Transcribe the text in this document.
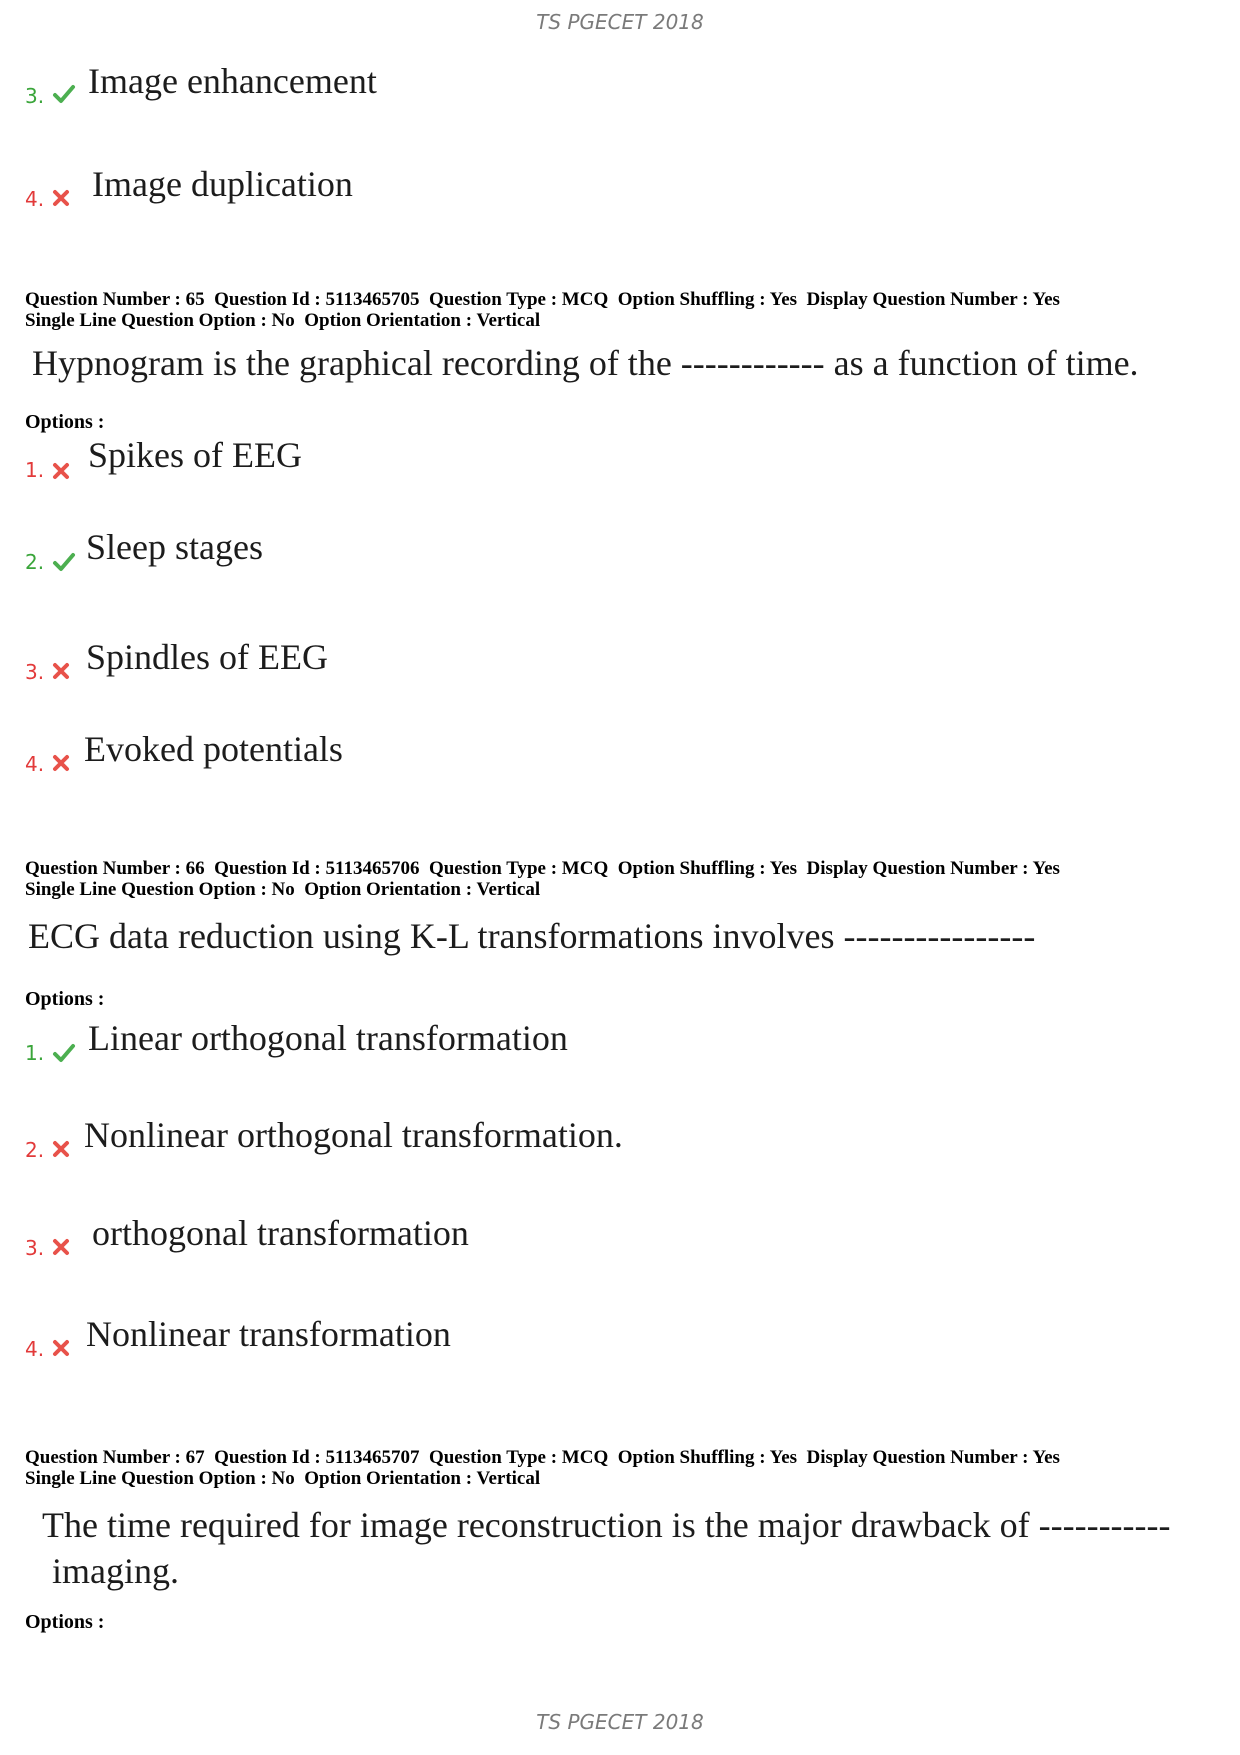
TS PGECET 2018
3. Image enhancement
4. Image duplication
Question Number : 65  Question Id : 5113465705  Question Type : MCQ  Option Shuffling : Yes  Display Question Number : Yes
Single Line Question Option : No  Option Orientation : Vertical
Hypnogram is the graphical recording of the ------------ as a function of time.
Options :
1. Spikes of EEG
2. Sleep stages
3. Spindles of EEG
4. Evoked potentials
Question Number : 66  Question Id : 5113465706  Question Type : MCQ  Option Shuffling : Yes  Display Question Number : Yes
Single Line Question Option : No  Option Orientation : Vertical
ECG data reduction using K-L transformations involves ----------------
Options :
1. Linear orthogonal transformation
2. Nonlinear orthogonal transformation.
3. orthogonal transformation
4. Nonlinear transformation
Question Number : 67  Question Id : 5113465707  Question Type : MCQ  Option Shuffling : Yes  Display Question Number : Yes
Single Line Question Option : No  Option Orientation : Vertical
The time required for image reconstruction is the major drawback of -----------
imaging.
Options :
TS PGECET 2018
